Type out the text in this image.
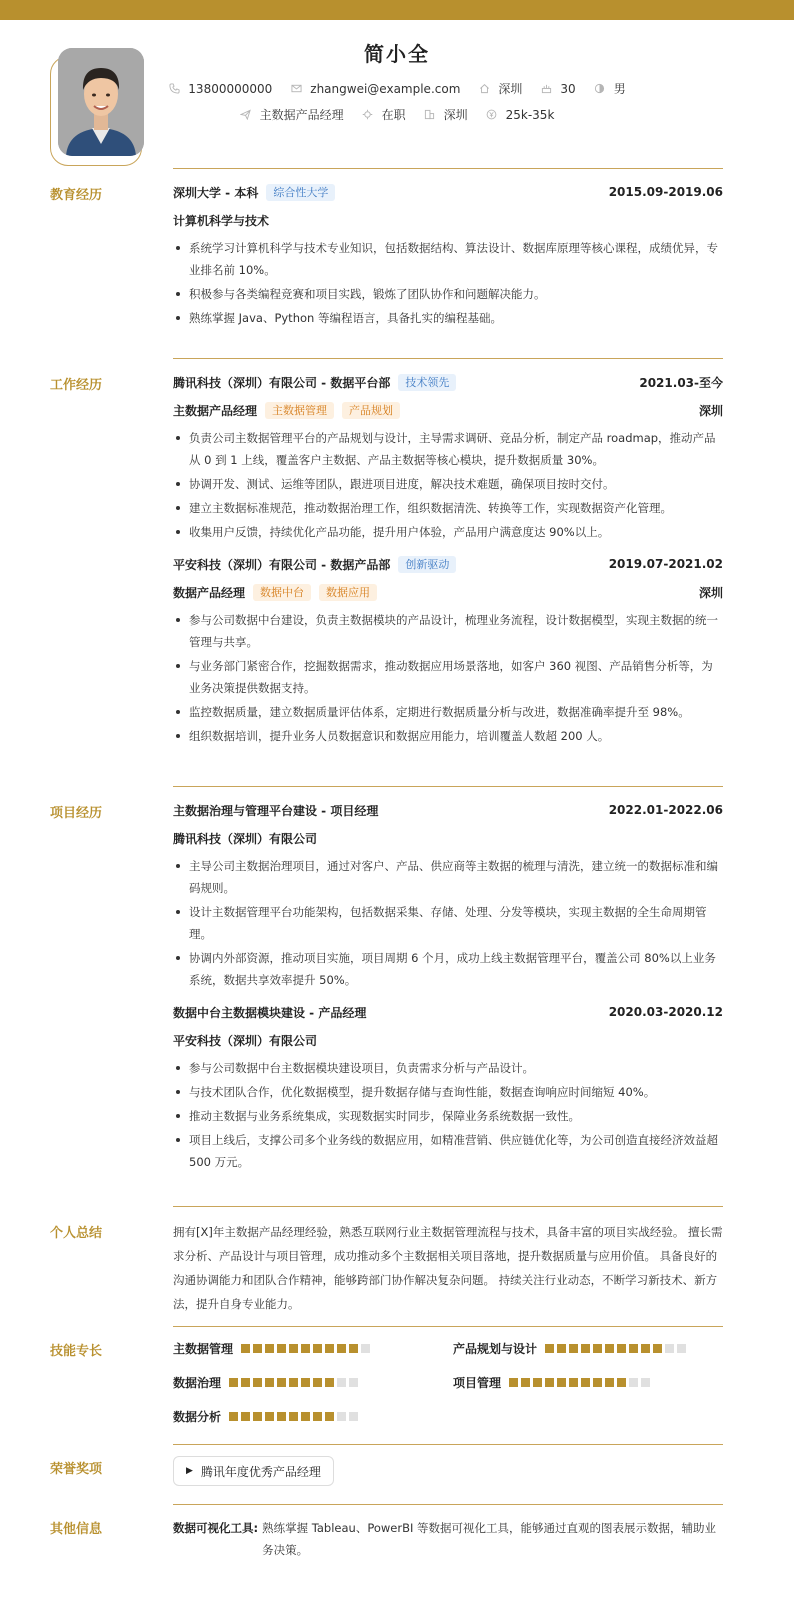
简小全
13800000000	zhangwei@example.com	深圳	30	男
主数据产品经理	在职	深圳	25k-35k
教育经历	深圳大学 - 本科	综合性大学	2015.09-2019.06
计算机科学与技术
系统学习计算机科学与技术专业知识，包括数据结构、算法设计、数据库原理等核心课程，成绩优异，专业排名前 10%。
积极参与各类编程竞赛和项目实践，锻炼了团队协作和问题解决能力。
熟练掌握 Java、Python 等编程语言，具备扎实的编程基础。
工作经历	腾讯科技（深圳）有限公司 - 数据平台部	技术领先	2021.03-至今
主数据产品经理	主数据管理	产品规划	深圳
负责公司主数据管理平台的产品规划与设计，主导需求调研、竞品分析，制定产品 roadmap，推动产品从 0 到 1 上线，覆盖客户主数据、产品主数据等核心模块，提升数据质量 30%。
协调开发、测试、运维等团队，跟进项目进度，解决技术难题，确保项目按时交付。
建立主数据标准规范，推动数据治理工作，组织数据清洗、转换等工作，实现数据资产化管理。
收集用户反馈，持续优化产品功能，提升用户体验，产品用户满意度达 90%以上。
平安科技（深圳）有限公司 - 数据产品部	创新驱动	2019.07-2021.02
数据产品经理	数据中台	数据应用	深圳
参与公司数据中台建设，负责主数据模块的产品设计，梳理业务流程，设计数据模型，实现主数据的统一管理与共享。
与业务部门紧密合作，挖掘数据需求，推动数据应用场景落地，如客户 360 视图、产品销售分析等，为业务决策提供数据支持。
监控数据质量，建立数据质量评估体系，定期进行数据质量分析与改进，数据准确率提升至 98%。
组织数据培训，提升业务人员数据意识和数据应用能力，培训覆盖人数超 200 人。
项目经历	主数据治理与管理平台建设 - 项目经理	2022.01-2022.06
腾讯科技（深圳）有限公司
主导公司主数据治理项目，通过对客户、产品、供应商等主数据的梳理与清洗，建立统一的数据标准和编码规则。
设计主数据管理平台功能架构，包括数据采集、存储、处理、分发等模块，实现主数据的全生命周期管理。
协调内外部资源，推动项目实施，项目周期 6 个月，成功上线主数据管理平台，覆盖公司 80%以上业务系统，数据共享效率提升 50%。
数据中台主数据模块建设 - 产品经理	2020.03-2020.12
平安科技（深圳）有限公司
参与公司数据中台主数据模块建设项目，负责需求分析与产品设计。
与技术团队合作，优化数据模型，提升数据存储与查询性能，数据查询响应时间缩短 40%。
推动主数据与业务系统集成，实现数据实时同步，保障业务系统数据一致性。
项目上线后，支撑公司多个业务线的数据应用，如精准营销、供应链优化等，为公司创造直接经济效益超 500 万元。
个人总结	拥有[X]年主数据产品经理经验，熟悉互联网行业主数据管理流程与技术，具备丰富的项目实战经验。 擅长需求分析、产品设计与项目管理，成功推动多个主数据相关项目落地，提升数据质量与应用价值。 具备良好的沟通协调能力和团队合作精神，能够跨部门协作解决复杂问题。 持续关注行业动态，不断学习新技术、新方法，提升自身专业能力。
技能专长	主数据管理	产品规划与设计
数据治理	项目管理
数据分析
荣誉奖项	▶ 腾讯年度优秀产品经理
其他信息	数据可视化工具: 熟练掌握 Tableau、PowerBI 等数据可视化工具，能够通过直观的图表展示数据，辅助业务决策。
